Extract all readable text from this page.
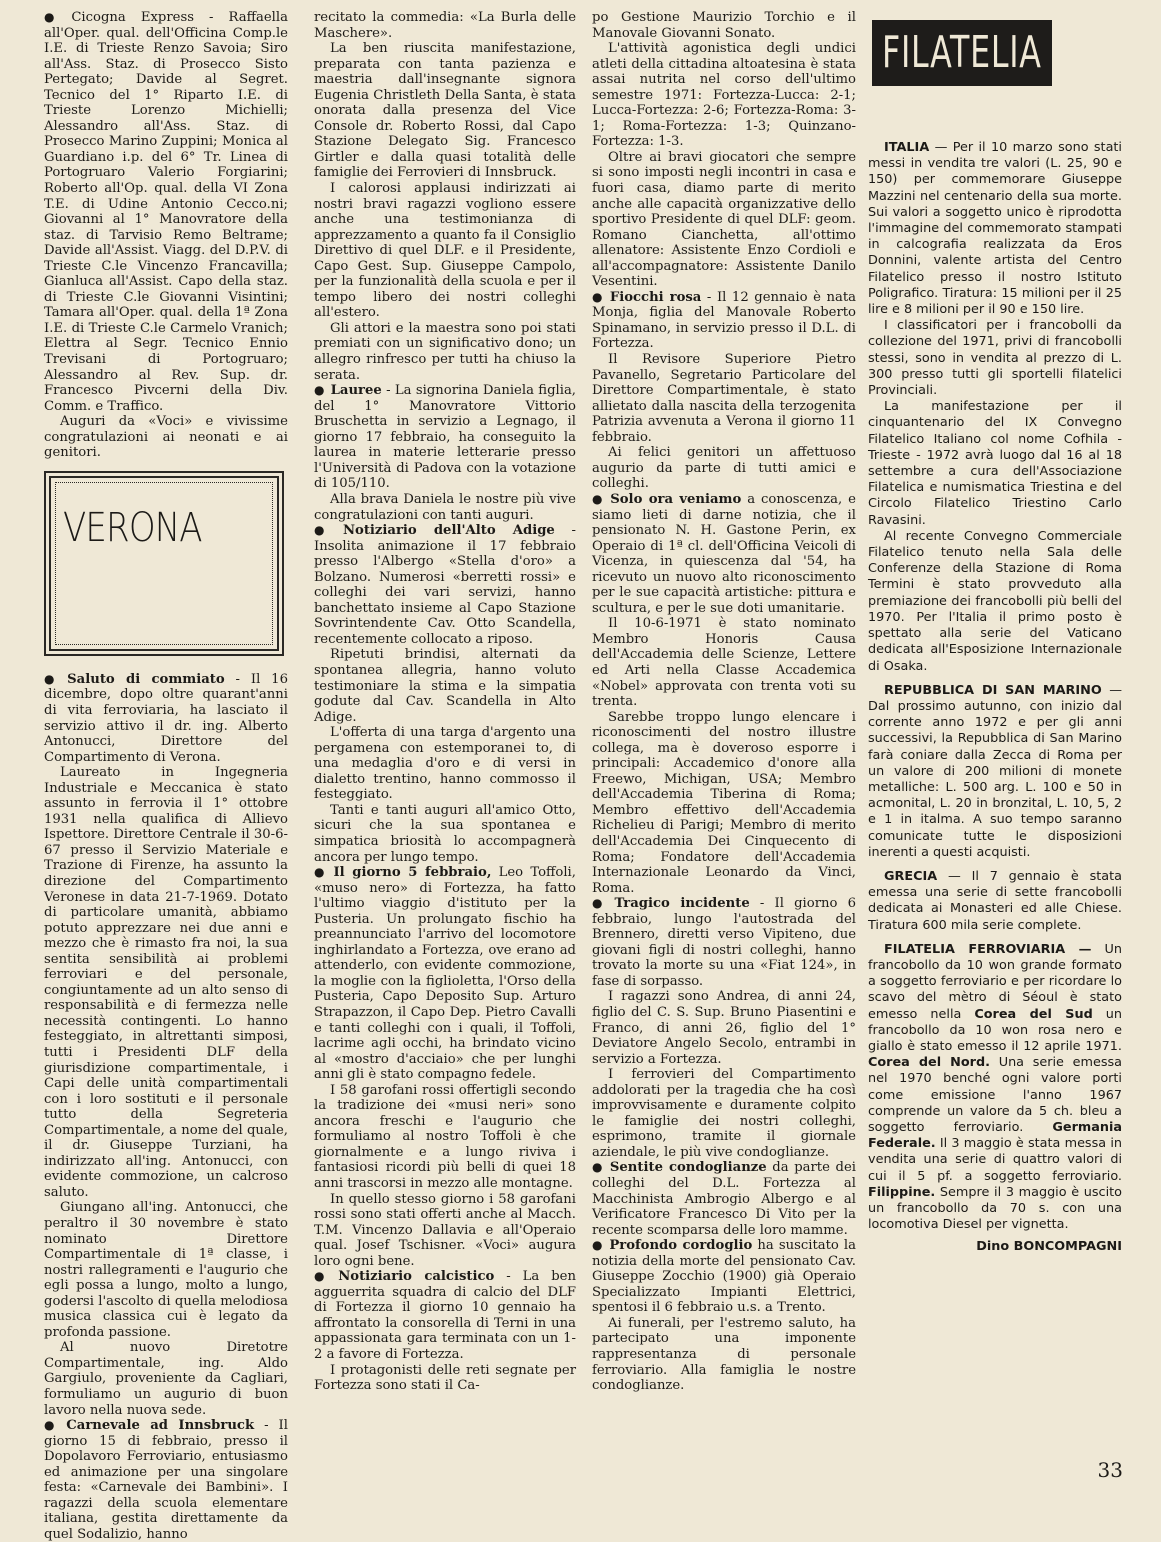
● Cicogna Express - Raffaella all'Oper. qual. dell'Officina Comp.le I.E. di Trieste Renzo Savoia; Siro all'Ass. Staz. di Prosecco Sisto Pertegato; Davide al Segret. Tecnico del 1° Riparto I.E. di Trieste Lorenzo Michielli; Alessandro all'Ass. Staz. di Prosecco Marino Zuppini; Monica al Guardiano i.p. del 6° Tr. Linea di Portogruaro Valerio Forgiarini; Roberto all'Op. qual. della VI Zona T.E. di Udine Antonio Cecco.ni; Giovanni al 1° Manovratore della staz. di Tarvisio Remo Beltrame; Davide all'Assist. Viagg. del D.P.V. di Trieste C.le Vincenzo Francavilla; Gianluca all'Assist. Capo della staz. di Trieste C.le Giovanni Visintini; Tamara all'Oper. qual. della 1ª Zona I.E. di Trieste C.le Carmelo Vranich; Elettra al Segr. Tecnico Ennio Trevisani di Portogruaro; Alessandro al Rev. Sup. dr. Francesco Pivcerni della Div. Comm. e Traffico.

Auguri da «Voci» e vivissime congratulazioni ai neonati e ai genitori.

VERONA

● Saluto di commiato - Il 16 dicembre, dopo oltre quarant'anni di vita ferroviaria, ha lasciato il servizio attivo il dr. ing. Alberto Antonucci, Direttore del Compartimento di Verona.

Laureato in Ingegneria Industriale e Meccanica è stato assunto in ferrovia il 1° ottobre 1931 nella qualifica di Allievo Ispettore. Direttore Centrale il 30-6-67 presso il Servizio Materiale e Trazione di Firenze, ha assunto la direzione del Compartimento Veronese in data 21-7-1969. Dotato di particolare umanità, abbiamo potuto apprezzare nei due anni e mezzo che è rimasto fra noi, la sua sentita sensibilità ai problemi ferroviari e del personale, congiuntamente ad un alto senso di responsabilità e di fermezza nelle necessità contingenti. Lo hanno festeggiato, in altrettanti simposi, tutti i Presidenti DLF della giurisdizione compartimentale, i Capi delle unità compartimentali con i loro sostituti e il personale tutto della Segreteria Compartimentale, a nome del quale, il dr. Giuseppe Turziani, ha indirizzato all'ing. Antonucci, con evidente commozione, un calcroso saluto.

Giungano all'ing. Antonucci, che peraltro il 30 novembre è stato nominato Direttore Compartimentale di 1ª classe, i nostri rallegramenti e l'augurio che egli possa a lungo, molto a lungo, godersi l'ascolto di quella melodiosa musica classica cui è legato da profonda passione.

Al nuovo Diretotre Compartimentale, ing. Aldo Gargiulo, proveniente da Cagliari, formuliamo un augurio di buon lavoro nella nuova sede.

● Carnevale ad Innsbruck - Il giorno 15 di febbraio, presso il Dopolavoro Ferroviario, entusiasmo ed animazione per una singolare festa: «Carnevale dei Bambini». I ragazzi della scuola elementare italiana, gestita direttamente da quel Sodalizio, hanno

recitato la commedia: «La Burla delle Maschere».

La ben riuscita manifestazione, preparata con tanta pazienza e maestria dall'insegnante signora Eugenia Christleth Della Santa, è stata onorata dalla presenza del Vice Console dr. Roberto Rossi, dal Capo Stazione Delegato Sig. Francesco Girtler e dalla quasi totalità delle famiglie dei Ferrovieri di Innsbruck.

I calorosi applausi indirizzati ai nostri bravi ragazzi vogliono essere anche una testimonianza di apprezzamento a quanto fa il Consiglio Direttivo di quel DLF. e il Presidente, Capo Gest. Sup. Giuseppe Campolo, per la funzionalità della scuola e per il tempo libero dei nostri colleghi all'estero.

Gli attori e la maestra sono poi stati premiati con un significativo dono; un allegro rinfresco per tutti ha chiuso la serata.

● Lauree - La signorina Daniela figlia, del 1° Manovratore Vittorio Bruschetta in servizio a Legnago, il giorno 17 febbraio, ha conseguito la laurea in materie letterarie presso l'Università di Padova con la votazione di 105/110.

Alla brava Daniela le nostre più vive congratulazioni con tanti auguri.

● Notiziario dell'Alto Adige - Insolita animazione il 17 febbraio presso l'Albergo «Stella d'oro» a Bolzano. Numerosi «berretti rossi» e colleghi dei vari servizi, hanno banchettato insieme al Capo Stazione Sovrintendente Cav. Otto Scandella, recentemente collocato a riposo.

Ripetuti brindisi, alternati da spontanea allegria, hanno voluto testimoniare la stima e la simpatia godute dal Cav. Scandella in Alto Adige.

L'offerta di una targa d'argento una pergamena con estemporanei to, di una medaglia d'oro e di versi in dialetto trentino, hanno commosso il festeggiato.

Tanti e tanti auguri all'amico Otto, sicuri che la sua spontanea e simpatica briosità lo accompagnerà ancora per lungo tempo.

● Il giorno 5 febbraio, Leo Toffoli, «muso nero» di Fortezza, ha fatto l'ultimo viaggio d'istituto per la Pusteria. Un prolungato fischio ha preannunciato l'arrivo del locomotore inghirlandato a Fortezza, ove erano ad attenderlo, con evidente commozione, la moglie con la figlioletta, l'Orso della Pusteria, Capo Deposito Sup. Arturo Strapazzon, il Capo Dep. Pietro Cavalli e tanti colleghi con i quali, il Toffoli, lacrime agli occhi, ha brindato vicino al «mostro d'acciaio» che per lunghi anni gli è stato compagno fedele.

I 58 garofani rossi offertigli secondo la tradizione dei «musi neri» sono ancora freschi e l'augurio che formuliamo al nostro Toffoli è che giornalmente e a lungo riviva i fantasiosi ricordi più belli di quei 18 anni trascorsi in mezzo alle montagne.

In quello stesso giorno i 58 garofani rossi sono stati offerti anche al Macch. T.M. Vincenzo Dallavia e all'Operaio qual. Josef Tschisner. «Voci» augura loro ogni bene.

● Notiziario calcistico - La ben agguerrita squadra di calcio del DLF di Fortezza il giorno 10 gennaio ha affrontato la consorella di Terni in una appassionata gara terminata con un 1-2 a favore di Fortezza.

I protagonisti delle reti segnate per Fortezza sono stati il Ca-

po Gestione Maurizio Torchio e il Manovale Giovanni Sonato.

L'attività agonistica degli undici atleti della cittadina altoatesina è stata assai nutrita nel corso dell'ultimo semestre 1971: Fortezza-Lucca: 2-1; Lucca-Fortezza: 2-6; Fortezza-Roma: 3-1; Roma-Fortezza: 1-3; Quinzano-Fortezza: 1-3.

Oltre ai bravi giocatori che sempre si sono imposti negli incontri in casa e fuori casa, diamo parte di merito anche alle capacità organizzative dello sportivo Presidente di quel DLF: geom. Romano Cianchetta, all'ottimo allenatore: Assistente Enzo Cordioli e all'accompagnatore: Assistente Danilo Vesentini.

● Fiocchi rosa - Il 12 gennaio è nata Monja, figlia del Manovale Roberto Spinamano, in servizio presso il D.L. di Fortezza.

Il Revisore Superiore Pietro Pavanello, Segretario Particolare del Direttore Compartimentale, è stato allietato dalla nascita della terzogenita Patrizia avvenuta a Verona il giorno 11 febbraio.

Ai felici genitori un affettuoso augurio da parte di tutti amici e colleghi.

● Solo ora veniamo a conoscenza, e siamo lieti di darne notizia, che il pensionato N. H. Gastone Perin, ex Operaio di 1ª cl. dell'Officina Veicoli di Vicenza, in quiescenza dal '54, ha ricevuto un nuovo alto riconoscimento per le sue capacità artistiche: pittura e scultura, e per le sue doti umanitarie.

Il 10-6-1971 è stato nominato Membro Honoris Causa dell'Accademia delle Scienze, Lettere ed Arti nella Classe Accademica «Nobel» approvata con trenta voti su trenta.

Sarebbe troppo lungo elencare i riconoscimenti del nostro illustre collega, ma è doveroso esporre i principali: Accademico d'onore alla Freewo, Michigan, USA; Membro dell'Accademia Tiberina di Roma; Membro effettivo dell'Accademia Richelieu di Parigi; Membro di merito dell'Accademia Dei Cinquecento di Roma; Fondatore dell'Accademia Internazionale Leonardo da Vinci, Roma.

● Tragico incidente - Il giorno 6 febbraio, lungo l'autostrada del Brennero, diretti verso Vipiteno, due giovani figli di nostri colleghi, hanno trovato la morte su una «Fiat 124», in fase di sorpasso.

I ragazzi sono Andrea, di anni 24, figlio del C. S. Sup. Bruno Piasentini e Franco, di anni 26, figlio del 1° Deviatore Angelo Secolo, entrambi in servizio a Fortezza.

I ferrovieri del Compartimento addolorati per la tragedia che ha così improvvisamente e duramente colpito le famiglie dei nostri colleghi, esprimono, tramite il giornale aziendale, le più vive condoglianze.

● Sentite condoglianze da parte dei colleghi del D.L. Fortezza al Macchinista Ambrogio Albergo e al Verificatore Francesco Di Vito per la recente scomparsa delle loro mamme.

● Profondo cordoglio ha suscitato la notizia della morte del pensionato Cav. Giuseppe Zocchio (1900) già Operaio Specializzato Impianti Elettrici, spentosi il 6 febbraio u.s. a Trento.

Ai funerali, per l'estremo saluto, ha partecipato una imponente rappresentanza di personale ferroviario. Alla famiglia le nostre condoglianze.

FILATELIA

ITALIA — Per il 10 marzo sono stati messi in vendita tre valori (L. 25, 90 e 150) per commemorare Giuseppe Mazzini nel centenario della sua morte. Sui valori a soggetto unico è riprodotta l'immagine del commemorato stampati in calcografia realizzata da Eros Donnini, valente artista del Centro Filatelico presso il nostro Istituto Poligrafico. Tiratura: 15 milioni per il 25 lire e 8 milioni per il 90 e 150 lire.

I classificatori per i francobolli da collezione del 1971, privi di francobolli stessi, sono in vendita al prezzo di L. 300 presso tutti gli sportelli filatelici Provinciali.

La manifestazione per il cinquantenario del IX Convegno Filatelico Italiano col nome Cofhila - Trieste - 1972 avrà luogo dal 16 al 18 settembre a cura dell'Associazione Filatelica e numismatica Triestina e del Circolo Filatelico Triestino Carlo Ravasini.

Al recente Convegno Commerciale Filatelico tenuto nella Sala delle Conferenze della Stazione di Roma Termini è stato provveduto alla premiazione dei francobolli più belli del 1970. Per l'Italia il primo posto è spettato alla serie del Vaticano dedicata all'Esposizione Internazionale di Osaka.

REPUBBLICA DI SAN MARINO — Dal prossimo autunno, con inizio dal corrente anno 1972 e per gli anni successivi, la Repubblica di San Marino farà coniare dalla Zecca di Roma per un valore di 200 milioni di monete metalliche: L. 500 arg. L. 100 e 50 in acmonital, L. 20 in bronzital, L. 10, 5, 2 e 1 in italma. A suo tempo saranno comunicate tutte le disposizioni inerenti a questi acquisti.

GRECIA — Il 7 gennaio è stata emessa una serie di sette francobolli dedicata ai Monasteri ed alle Chiese. Tiratura 600 mila serie complete.

FILATELIA FERROVIARIA — Un francobollo da 10 won grande formato a soggetto ferroviario e per ricordare lo scavo del mètro di Séoul è stato emesso nella Corea del Sud un francobollo da 10 won rosa nero e giallo è stato emesso il 12 aprile 1971. Corea del Nord. Una serie emessa nel 1970 benché ogni valore porti come emissione l'anno 1967 comprende un valore da 5 ch. bleu a soggetto ferroviario. Germania Federale. Il 3 maggio è stata messa in vendita una serie di quattro valori di cui il 5 pf. a soggetto ferroviario. Filippine. Sempre il 3 maggio è uscito un francobollo da 70 s. con una locomotiva Diesel per vignetta.

Dino BONCOMPAGNI

33
